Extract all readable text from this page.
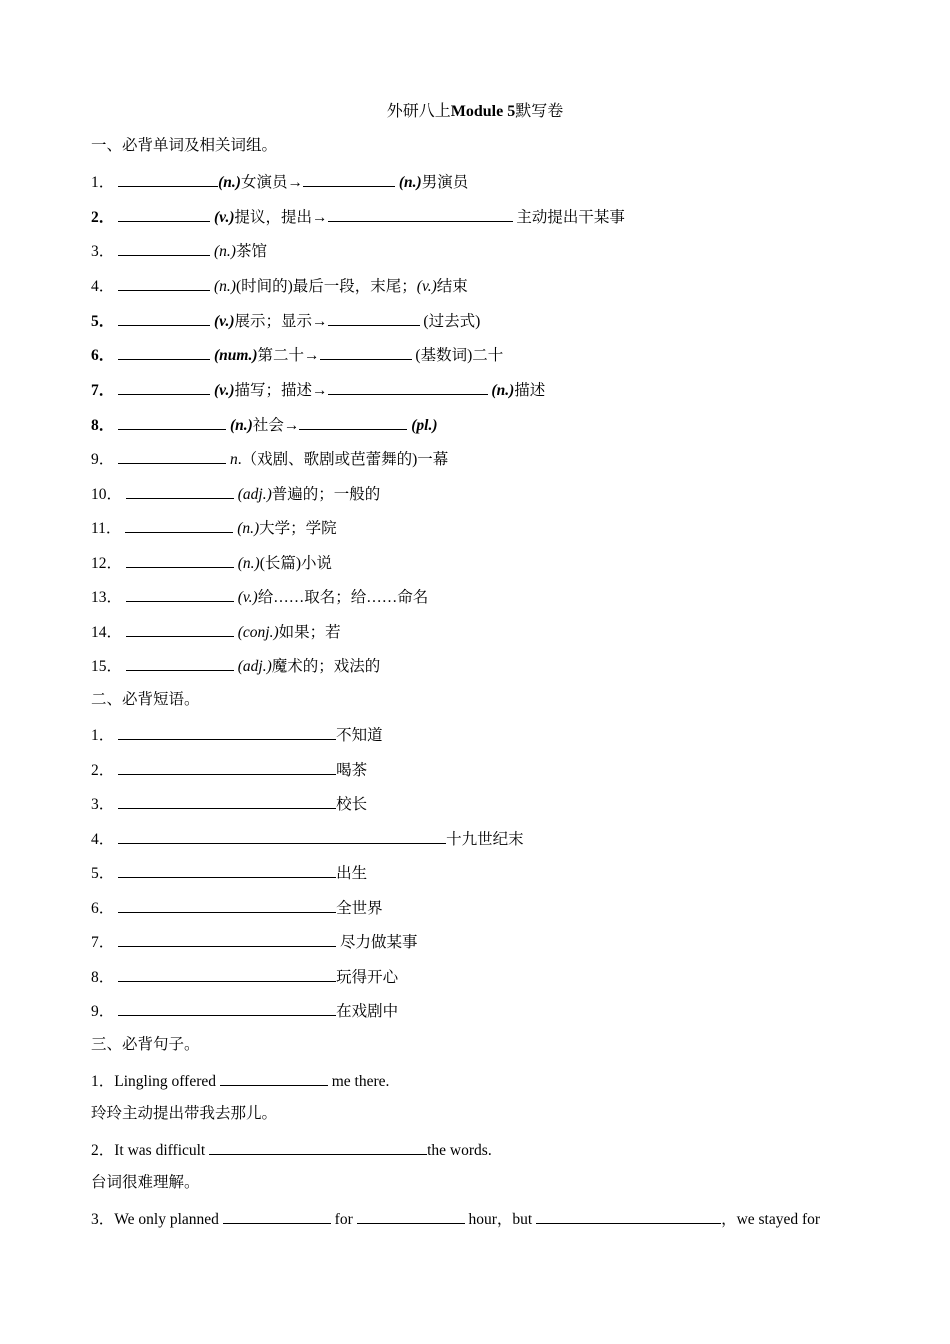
外研八上Module 5默写卷
一、必背单词及相关词组。
1．	(n.)女演员→	(n.)男演员
2．	(v.)提议，提出→	主动提出干某事
3．	(n.)茶馆
4．	(n.)(时间的)最后一段，末尾；(v.)结束
5．	(v.)展示；显示→	(过去式)
6．	(num.)第二十→	(基数词)二十
7．	(v.)描写；描述→	(n.)描述
8．	(n.)社会→	(pl.)
9．	n.（戏剧、歌剧或芭蕾舞的)一幕
10．	(adj.)普遍的；一般的
11．	(n.)大学；学院
12．	(n.)(长篇)小说
13．	(v.)给……取名；给……命名
14．	(conj.)如果；若
15．	(adj.)魔术的；戏法的
二、必背短语。
1．	不知道
2．	喝茶
3．	校长
4．	十九世纪末
5．	出生
6．	全世界
7．	尽力做某事
8．	玩得开心
9．	在戏剧中
三、必背句子。
1．Lingling offered	me there.
玲玲主动提出带我去那儿。
2．It was difficult	the words.
台词很难理解。
3．We only planned	for	hour，but	，we stayed for
